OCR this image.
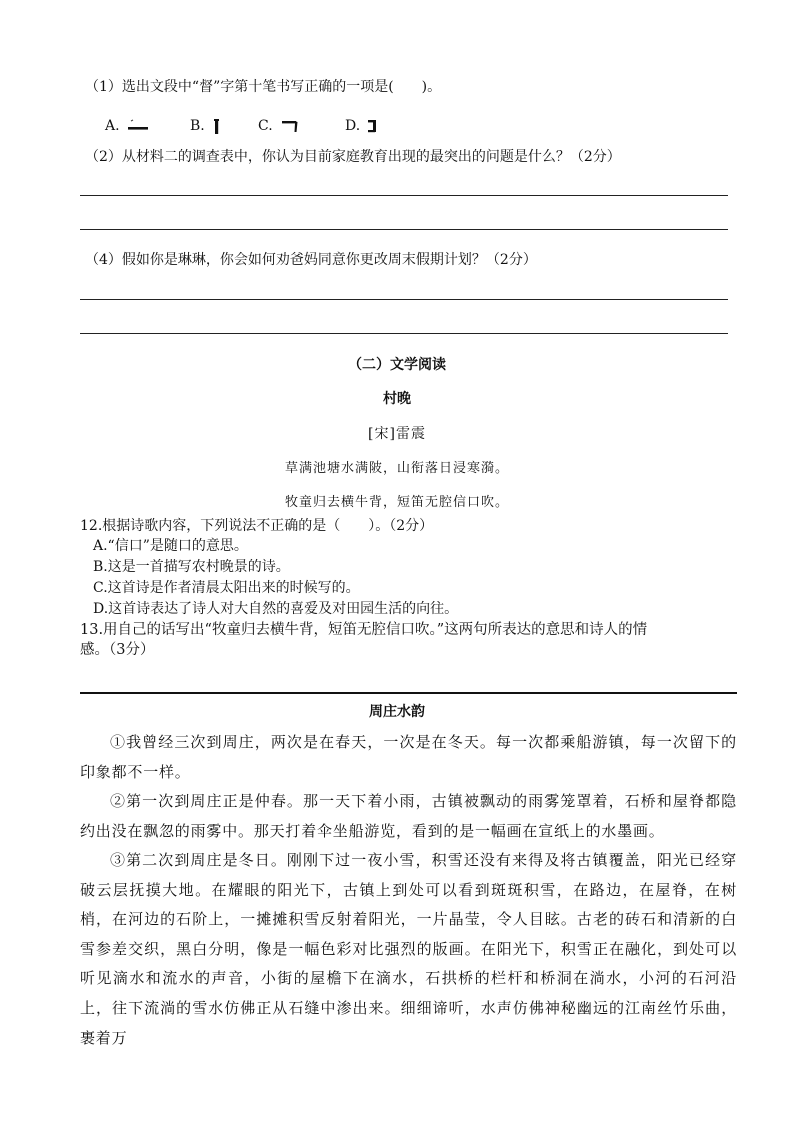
（1）选出文段中“督”字第十笔书写正确的一项是(　　)。
A.	B.	C.	D.
（2）从材料二的调查表中，你认为目前家庭教育出现的最突出的问题是什么？（2分）
（4）假如你是琳琳，你会如何劝爸妈同意你更改周末假期计划？（2分）
（二）文学阅读
村晚
[宋]雷震
草满池塘水满陂，山衔落日浸寒漪。
牧童归去横牛背，短笛无腔信口吹。
12.根据诗歌内容，下列说法不正确的是（　　）。（2分）
A.“信口”是随口的意思。
B.这是一首描写农村晚景的诗。
C.这首诗是作者清晨太阳出来的时候写的。
D.这首诗表达了诗人对大自然的喜爱及对田园生活的向往。
13.用自己的话写出“牧童归去横牛背，短笛无腔信口吹。”这两句所表达的意思和诗人的情
感。（3分）
周庄水韵
①我曾经三次到周庄，两次是在春天，一次是在冬天。每一次都乘船游镇，每一次留下的印象都不一样。
②第一次到周庄正是仲春。那一天下着小雨，古镇被飘动的雨雾笼罩着，石桥和屋脊都隐约出没在飘忽的雨雾中。那天打着伞坐船游览，看到的是一幅画在宣纸上的水墨画。
③第二次到周庄是冬日。刚刚下过一夜小雪，积雪还没有来得及将古镇覆盖，阳光已经穿破云层抚摸大地。在耀眼的阳光下，古镇上到处可以看到斑斑积雪，在路边，在屋脊，在树梢，在河边的石阶上，一摊摊积雪反射着阳光，一片晶莹，令人目眩。古老的砖石和清新的白雪参差交织，黑白分明，像是一幅色彩对比强烈的版画。在阳光下，积雪正在融化，到处可以听见滴水和流水的声音，小街的屋檐下在滴水，石拱桥的栏杆和桥洞在淌水，小河的石河沿上，往下流淌的雪水仿佛正从石缝中渗出来。细细谛听，水声仿佛神秘幽远的江南丝竹乐曲，裹着万
